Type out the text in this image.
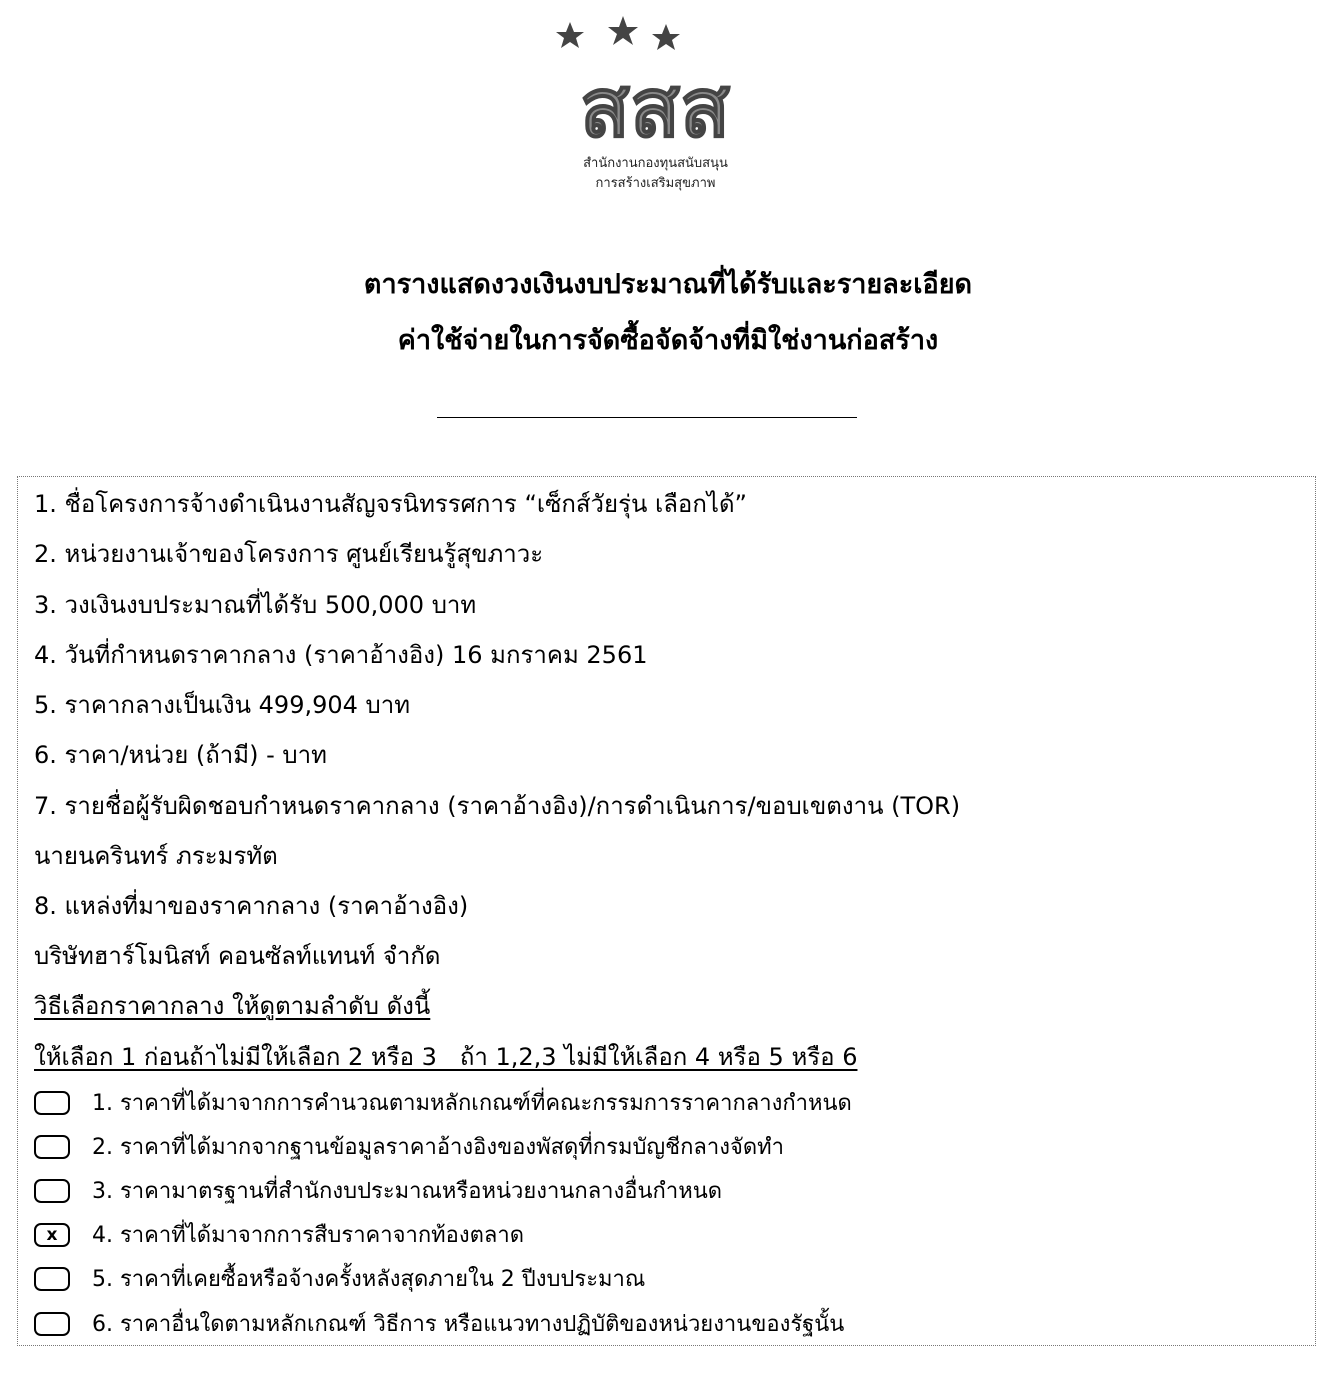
สสส
สำนักงานกองทุนสนับสนุน
การสร้างเสริมสุขภาพ
ตารางแสดงวงเงินงบประมาณที่ได้รับและรายละเอียด
ค่าใช้จ่ายในการจัดซื้อจัดจ้างที่มิใช่งานก่อสร้าง
1. ชื่อโครงการจ้างดำเนินงานสัญจรนิทรรศการ “เซ็กส์วัยรุ่น เลือกได้”
2. หน่วยงานเจ้าของโครงการ ศูนย์เรียนรู้สุขภาวะ
3. วงเงินงบประมาณที่ได้รับ 500,000 บาท
4. วันที่กำหนดราคากลาง (ราคาอ้างอิง) 16 มกราคม 2561
5. ราคากลางเป็นเงิน 499,904 บาท
6. ราคา/หน่วย (ถ้ามี) - บาท
7. รายชื่อผู้รับผิดชอบกำหนดราคากลาง (ราคาอ้างอิง)/การดำเนินการ/ขอบเขตงาน (TOR)
นายนครินทร์ ภระมรทัต
8. แหล่งที่มาของราคากลาง (ราคาอ้างอิง)
บริษัทฮาร์โมนิสท์ คอนซัลท์แทนท์ จำกัด
วิธีเลือกราคากลาง ให้ดูตามลำดับ ดังนี้
ให้เลือก 1 ก่อนถ้าไม่มีให้เลือก 2 หรือ 3   ถ้า 1,2,3 ไม่มีให้เลือก 4 หรือ 5 หรือ 6
1. ราคาที่ได้มาจากการคำนวณตามหลักเกณฑ์ที่คณะกรรมการราคากลางกำหนด
2. ราคาที่ได้มากจากฐานข้อมูลราคาอ้างอิงของพัสดุที่กรมบัญชีกลางจัดทำ
3. ราคามาตรฐานที่สำนักงบประมาณหรือหน่วยงานกลางอื่นกำหนด
x	4. ราคาที่ได้มาจากการสืบราคาจากท้องตลาด
5. ราคาที่เคยซื้อหรือจ้างครั้งหลังสุดภายใน 2 ปีงบประมาณ
6. ราคาอื่นใดตามหลักเกณฑ์ วิธีการ หรือแนวทางปฏิบัติของหน่วยงานของรัฐนั้น
